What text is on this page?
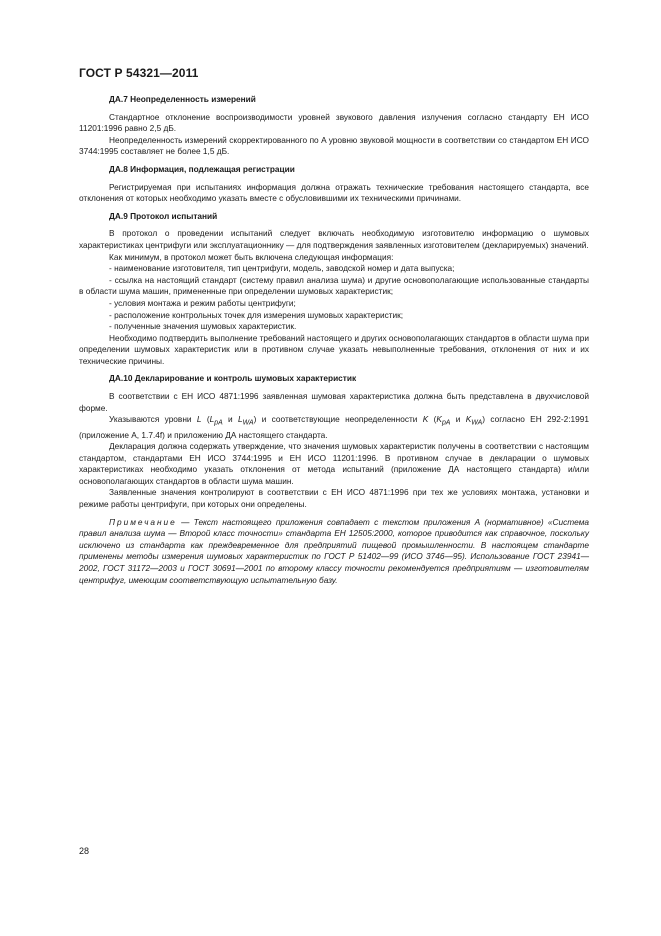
ГОСТ Р 54321—2011
ДА.7 Неопределенность измерений

Стандартное отклонение воспроизводимости уровней звукового давления излучения согласно стандарту ЕН ИСО 11201:1996 равно 2,5 дБ.

Неопределенность измерений скорректированного по A уровню звуковой мощности в соответствии со стандартом ЕН ИСО 3744:1995 составляет не более 1,5 дБ.

ДА.8 Информация, подлежащая регистрации

Регистрируемая при испытаниях информация должна отражать технические требования настоящего стандарта, все отклонения от которых необходимо указать вместе с обусловившими их техническими причинами.

ДА.9 Протокол испытаний

В протокол о проведении испытаний следует включать необходимую изготовителю информацию о шумовых характеристиках центрифуги или эксплуатационнику — для подтверждения заявленных изготовителем (декларируемых) значений.

Как минимум, в протокол может быть включена следующая информация:

- наименование изготовителя, тип центрифуги, модель, заводской номер и дата выпуска;

- ссылка на настоящий стандарт (систему правил анализа шума) и другие основополагающие использованные стандарты в области шума машин, примененные при определении шумовых характеристик;

- условия монтажа и режим работы центрифуги;

- расположение контрольных точек для измерения шумовых характеристик;

- полученные значения шумовых характеристик.

Необходимо подтвердить выполнение требований настоящего и других основополагающих стандартов в области шума при определении шумовых характеристик или в противном случае указать невыполненные требования, отклонения от них и их технические причины.

ДА.10 Декларирование и контроль шумовых характеристик

В соответствии с ЕН ИСО 4871:1996 заявленная шумовая характеристика должна быть представлена в двухчисловой форме.

Указываются уровни L ($L_{pA}$ и $L_{WA}$) и соответствующие неопределенности K ($K_{pA}$ и $K_{WA}$) согласно ЕН 292-2:1991 (приложение А, 1.7.4f) и приложению ДА настоящего стандарта.

Декларация должна содержать утверждение, что значения шумовых характеристик получены в соответствии с настоящим стандартом, стандартами ЕН ИСО 3744:1995 и ЕН ИСО 11201:1996. В противном случае в декларации о шумовых характеристиках необходимо указать отклонения от метода испытаний (приложение ДА настоящего стандарта) и/или основополагающих стандартов в области шума машин.

Заявленные значения контролируют в соответствии с ЕН ИСО 4871:1996 при тех же условиях монтажа, установки и режиме работы центрифуги, при которых они определены.

Примечание — Текст настоящего приложения совпадает с текстом приложения А (нормативное) «Система правил анализа шума — Второй класс точности» стандарта ЕН 12505:2000, которое приводится как справочное, поскольку исключено из стандарта как преждевременное для предприятий пищевой промышленности. В настоящем стандарте применены методы измерения шумовых характеристик по ГОСТ Р 51402—99 (ИСО 3746—95). Использование ГОСТ 23941—2002, ГОСТ 31172—2003 и ГОСТ 30691—2001 по второму классу точности рекомендуется предприятиям — изготовителям центрифуг, имеющим соответствующую испытательную базу.

28
